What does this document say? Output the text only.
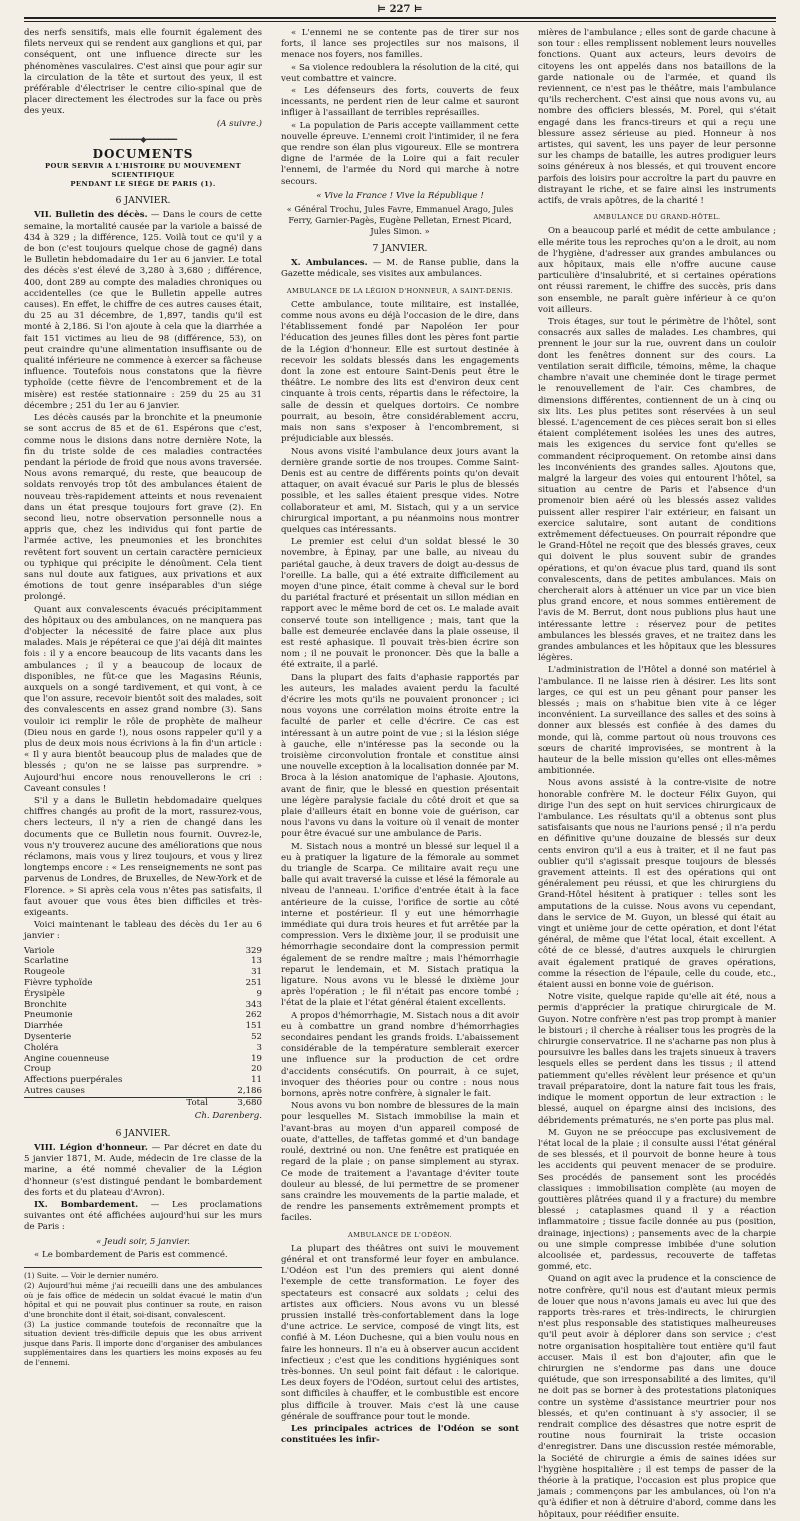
⊨ 227 ⊨

des nerfs sensitifs, mais elle fournit également des filets nerveux qui se rendent aux ganglions et qui, par conséquent, ont une influence directe sur les phénomènes vasculaires. C'est ainsi que pour agir sur la circulation de la tête et surtout des yeux, il est préférable d'électriser le centre cilio-spinal que de placer directement les électrodes sur la face ou près des yeux.

(A suivre.)
━━━━━━━━◆━━━━━━━━
DOCUMENTS
POUR SERVIR A L'HISTOIRE DU MOUVEMENT SCIENTIFIQUE
PENDANT LE SIÉGE DE PARIS (1).
6 JANVIER.

VII. Bulletin des décès. — Dans le cours de cette semaine, la mortalité causée par la variole a baissé de 434 à 329 ; la différence, 125. Voilà tout ce qu'il y a de bon (c'est toujours quelque chose de gagné) dans le Bulletin hebdomadaire du 1er au 6 janvier. Le total des décès s'est élevé de 3,280 à 3,680 ; différence, 400, dont 289 au compte des maladies chroniques ou accidentelles (ce que le Bulletin appelle autres causes). En effet, le chiffre de ces autres causes était, du 25 au 31 décembre, de 1,897, tandis qu'il est monté à 2,186. Si l'on ajoute à cela que la diarrhée a fait 151 victimes au lieu de 98 (différence, 53), on peut craindre qu'une alimentation insuffisante ou de qualité inférieure ne commence à exercer sa fâcheuse influence. Toutefois nous constatons que la fièvre typhoïde (cette fièvre de l'encombrement et de la misère) est restée stationnaire : 259 du 25 au 31 décembre ; 251 du 1er au 6 janvier.

Les décès causés par la bronchite et la pneumonie se sont accrus de 85 et de 61. Espérons que c'est, comme nous le disions dans notre dernière Note, la fin du triste solde de ces maladies contractées pendant la période de froid que nous avons traversée. Nous avons remarqué, du reste, que beaucoup de soldats renvoyés trop tôt des ambulances étaient de nouveau très-rapidement atteints et nous revenaient dans un état presque toujours fort grave (2). En second lieu, notre observation personnelle nous a appris que, chez les individus qui font partie de l'armée active, les pneumonies et les bronchites revêtent fort souvent un certain caractère pernicieux ou typhique qui précipite le dénoûment. Cela tient sans nul doute aux fatigues, aux privations et aux émotions de tout genre inséparables d'un siége prolongé.

Quant aux convalescents évacués précipitamment des hôpitaux ou des ambulances, on ne manquera pas d'objecter la nécessité de faire place aux plus malades. Mais je répéterai ce que j'ai déjà dit maintes fois : il y a encore beaucoup de lits vacants dans les ambulances ; il y a beaucoup de locaux de disponibles, ne fût-ce que les Magasins Réunis, auxquels on a songé tardivement, et qui vont, à ce que l'on assure, recevoir bientôt soit des malades, soit des convalescents en assez grand nombre (3). Sans vouloir ici remplir le rôle de prophète de malheur (Dieu nous en garde !), nous osons rappeler qu'il y a plus de deux mois nous écrivions à la fin d'un article : « Il y aura bientôt beaucoup plus de malades que de blessés ; qu'on ne se laisse pas surprendre. » Aujourd'hui encore nous renouvellerons le cri : Caveant consules !

S'il y a dans le Bulletin hebdomadaire quelques chiffres changés au profit de la mort, rassurez-vous, chers lecteurs, il n'y a rien de changé dans les documents que ce Bulletin nous fournit. Ouvrez-le, vous n'y trouverez aucune des améliorations que nous réclamons, mais vous y lirez toujours, et vous y lirez longtemps encore : « Les renseignements ne sont pas parvenus de Londres, de Bruxelles, de New-York et de Florence. » Si après cela vous n'êtes pas satisfaits, il faut avouer que vous êtes bien difficiles et très-exigeants.

Voici maintenant le tableau des décès du 1er au 6 janvier :

Variole	329
Scarlatine	13
Rougeole	31
Fièvre typhoïde	251
Érysipèle	9
Bronchite	343
Pneumonie	262
Diarrhée	151
Dysenterie	52
Choléra	3
Angine couenneuse	19
Croup	20
Affections puerpérales	11
Autres causes	2,186
Total	3,680
Ch. Darenberg.
6 JANVIER.

VIII. Légion d'honneur. — Par décret en date du 5 janvier 1871, M. Aude, médecin de 1re classe de la marine, a été nommé chevalier de la Légion d'honneur (s'est distingué pendant le bombardement des forts et du plateau d'Avron).

IX. Bombardement. — Les proclamations suivantes ont été affichées aujourd'hui sur les murs de Paris :

« Jeudi soir, 5 janvier.

« Le bombardement de Paris est commencé.

(1) Suite. — Voir le dernier numéro.

(2) Aujourd'hui même j'ai recueilli dans une des ambulances où je fais office de médecin un soldat évacué le matin d'un hôpital et qui ne pouvait plus continuer sa route, en raison d'une bronchite dont il était, soi-disant, convalescent.

(3) La justice commande toutefois de reconnaître que la situation devient très-difficile depuis que les obus arrivent jusque dans Paris. Il importe donc d'organiser des ambulances supplémentaires dans les quartiers les moins exposés au feu de l'ennemi.

« L'ennemi ne se contente pas de tirer sur nos forts, il lance ses projectiles sur nos maisons, il menace nos foyers, nos familles.

« Sa violence redoublera la résolution de la cité, qui veut combattre et vaincre.

« Les défenseurs des forts, couverts de feux incessants, ne perdent rien de leur calme et sauront infliger à l'assaillant de terribles représailles.

« La population de Paris accepte vaillamment cette nouvelle épreuve. L'ennemi croit l'intimider, il ne fera que rendre son élan plus vigoureux. Elle se montrera digne de l'armée de la Loire qui a fait reculer l'ennemi, de l'armée du Nord qui marche à notre secours.

« Vive la France ! Vive la République !
« Général Trochu, Jules Favre, Emmanuel Arago, Jules Ferry, Garnier-Pagès, Eugène Pelletan, Ernest Picard, Jules Simon. »
7 JANVIER.

X. Ambulances. — M. de Ranse publie, dans la Gazette médicale, ses visites aux ambulances.

AMBULANCE DE LA LÉGION D'HONNEUR, A SAINT-DENIS.

Cette ambulance, toute militaire, est installée, comme nous avons eu déjà l'occasion de le dire, dans l'établissement fondé par Napoléon Ier pour l'éducation des jeunes filles dont les pères font partie de la Légion d'honneur. Elle est surtout destinée à recevoir les soldats blessés dans les engagements dont la zone est entoure Saint-Denis peut être le théâtre. Le nombre des lits est d'environ deux cent cinquante à trois cents, répartis dans le réfectoire, la salle de dessin et quelques dortoirs. Ce nombre pourrait, au besoin, être considérablement accru, mais non sans s'exposer à l'encombrement, si préjudiciable aux blessés.

Nous avons visité l'ambulance deux jours avant la dernière grande sortie de nos troupes. Comme Saint-Denis est au centre de différents points qu'on devait attaquer, on avait évacué sur Paris le plus de blessés possible, et les salles étaient presque vides. Notre collaborateur et ami, M. Sistach, qui y a un service chirurgical important, a pu néanmoins nous montrer quelques cas intéressants.

Le premier est celui d'un soldat blessé le 30 novembre, à Épinay, par une balle, au niveau du pariétal gauche, à deux travers de doigt au-dessus de l'oreille. La balle, qui a été extraite difficilement au moyen d'une pince, était comme à cheval sur le bord du pariétal fracturé et présentait un sillon médian en rapport avec le même bord de cet os. Le malade avait conservé toute son intelligence ; mais, tant que la balle est demeurée enclavée dans la plaie osseuse, il est resté aphasique. Il pouvait très-bien écrire son nom ; il ne pouvait le prononcer. Dès que la balle a été extraite, il a parlé.

Dans la plupart des faits d'aphasie rapportés par les auteurs, les malades avaient perdu la faculté d'écrire les mots qu'ils ne pouvaient prononcer ; ici nous voyons une corrélation moins étroite entre la faculté de parler et celle d'écrire. Ce cas est intéressant à un autre point de vue ; si la lésion siége à gauche, elle n'intéresse pas la seconde ou la troisième circonvolution frontale et constitue ainsi une nouvelle exception à la localisation donnée par M. Broca à la lésion anatomique de l'aphasie. Ajoutons, avant de finir, que le blessé en question présentait une légère paralysie faciale du côté droit et que sa plaie d'ailleurs était en bonne voie de guérison, car nous l'avons vu dans la voiture où il venait de monter pour être évacué sur une ambulance de Paris.

M. Sistach nous a montré un blessé sur lequel il a eu à pratiquer la ligature de la fémorale au sommet du triangle de Scarpa. Ce militaire avait reçu une balle qui avait traversé la cuisse et lésé la fémorale au niveau de l'anneau. L'orifice d'entrée était à la face antérieure de la cuisse, l'orifice de sortie au côté interne et postérieur. Il y eut une hémorrhagie immédiate qui dura trois heures et fut arrêtée par la compression. Vers le dixième jour, il se produisit une hémorrhagie secondaire dont la compression permit également de se rendre maître ; mais l'hémorrhagie reparut le lendemain, et M. Sistach pratiqua la ligature. Nous avons vu le blessé le dixième jour après l'opération ; le fil n'était pas encore tombé ; l'état de la plaie et l'état général étaient excellents.

A propos d'hémorrhagie, M. Sistach nous a dit avoir eu à combattre un grand nombre d'hémorrhagies secondaires pendant les grands froids. L'abaissement considérable de la température semblerait exercer une influence sur la production de cet ordre d'accidents consécutifs. On pourrait, à ce sujet, invoquer des théories pour ou contre : nous nous bornons, après notre confrère, à signaler le fait.

Nous avons vu bon nombre de blessures de la main pour lesquelles M. Sistach immobilise la main et l'avant-bras au moyen d'un appareil composé de ouate, d'attelles, de taffetas gommé et d'un bandage roulé, dextriné ou non. Une fenêtre est pratiquée en regard de la plaie ; on panse simplement au styrax. Ce mode de traitement a l'avantage d'éviter toute douleur au blessé, de lui permettre de se promener sans craindre les mouvements de la partie malade, et de rendre les pansements extrêmement prompts et faciles.

AMBULANCE DE L'ODÉON.

La plupart des théâtres ont suivi le mouvement général et ont transformé leur foyer en ambulance. L'Odéon est l'un des premiers qui aient donné l'exemple de cette transformation. Le foyer des spectateurs est consacré aux soldats ; celui des artistes aux officiers. Nous avons vu un blessé prussien installé très-confortablement dans la loge d'une actrice. Le service, composé de vingt lits, est confié à M. Léon Duchesne, qui a bien voulu nous en faire les honneurs. Il n'a eu à observer aucun accident infectieux ; c'est que les conditions hygiéniques sont très-bonnes. Un seul point fait défaut : le calorique. Les deux foyers de l'Odéon, surtout celui des artistes, sont difficiles à chauffer, et le combustible est encore plus difficile à trouver. Mais c'est là une cause générale de souffrance pour tout le monde.

Les principales actrices de l'Odéon se sont constituées les infir-

mières de l'ambulance ; elles sont de garde chacune à son tour : elles remplissent noblement leurs nouvelles fonctions. Quant aux acteurs, leurs devoirs de citoyens les ont appelés dans nos bataillons de la garde nationale ou de l'armée, et quand ils reviennent, ce n'est pas le théâtre, mais l'ambulance qu'ils recherchent. C'est ainsi que nous avons vu, au nombre des officiers blessés, M. Porel, qui s'était engagé dans les francs-tireurs et qui a reçu une blessure assez sérieuse au pied. Honneur à nos artistes, qui savent, les uns payer de leur personne sur les champs de bataille, les autres prodiguer leurs soins généreux à nos blessés, et qui trouvent encore parfois des loisirs pour accroître la part du pauvre en distrayant le riche, et se faire ainsi les instruments actifs, de vrais apôtres, de la charité !

AMBULANCE DU GRAND-HÔTEL.

On a beaucoup parlé et médit de cette ambulance ; elle mérite tous les reproches qu'on a le droit, au nom de l'hygiène, d'adresser aux grandes ambulances ou aux hôpitaux, mais elle n'offre aucune cause particulière d'insalubrité, et si certaines opérations ont réussi rarement, le chiffre des succès, pris dans son ensemble, ne paraît guère inférieur à ce qu'on voit ailleurs.

Trois étages, sur tout le périmètre de l'hôtel, sont consacrés aux salles de malades. Les chambres, qui prennent le jour sur la rue, ouvrent dans un couloir dont les fenêtres donnent sur des cours. La ventilation serait difficile, témoins, même, la chaque chambre n'avait une cheminée dont le tirage permet le renouvellement de l'air. Ces chambres, de dimensions différentes, contiennent de un à cinq ou six lits. Les plus petites sont réservées à un seul blessé. L'agencement de ces pièces serait bon si elles étaient complétement isolées les unes des autres, mais les exigences du service font qu'elles se commandent réciproquement. On retombe ainsi dans les inconvénients des grandes salles. Ajoutons que, malgré la largeur des voies qui entourent l'hôtel, sa situation au centre de Paris et l'absence d'un promenoir bien aéré où les blessés assez valides puissent aller respirer l'air extérieur, en faisant un exercice salutaire, sont autant de conditions extrêmement défectueuses. On pourrait répondre que le Grand-Hôtel ne reçoit que des blessés graves, ceux qui doivent le plus souvent subir de grandes opérations, et qu'on évacue plus tard, quand ils sont convalescents, dans de petites ambulances. Mais on chercherait alors à atténuer un vice par un vice bien plus grand encore, et nous sommes entièrement de l'avis de M. Berrut, dont nous publions plus haut une intéressante lettre : réservez pour de petites ambulances les blessés graves, et ne traitez dans les grandes ambulances et les hôpitaux que les blessures légères.

L'administration de l'Hôtel a donné son matériel à l'ambulance. Il ne laisse rien à désirer. Les lits sont larges, ce qui est un peu gênant pour panser les blessés ; mais on s'habitue bien vite à ce léger inconvénient. La surveillance des salles et des soins à donner aux blessés est confiée à des dames du monde, qui là, comme partout où nous trouvons ces sœurs de charité improvisées, se montrent à la hauteur de la belle mission qu'elles ont elles-mêmes ambitionnée.

Nous avons assisté à la contre-visite de notre honorable confrère M. le docteur Félix Guyon, qui dirige l'un des sept on huit services chirurgicaux de l'ambulance. Les résultats qu'il a obtenus sont plus satisfaisants que nous ne l'aurions pensé ; il n'a perdu en définitive qu'une douzaine de blessés sur deux cents environ qu'il a eus à traiter, et il ne faut pas oublier qu'il s'agissait presque toujours de blessés gravement atteints. Il est des opérations qui ont généralement peu réussi, et que les chirurgiens du Grand-Hôtel hésitent à pratiquer : telles sont les amputations de la cuisse. Nous avons vu cependant, dans le service de M. Guyon, un blessé qui était au vingt et unième jour de cette opération, et dont l'état général, de même que l'état local, était excellent. A côté de ce blessé, d'autres auxquels le chirurgien avait également pratiqué de graves opérations, comme la résection de l'épaule, celle du coude, etc., étaient aussi en bonne voie de guérison.

Notre visite, quelque rapide qu'elle ait été, nous a permis d'apprécier la pratique chirurgicale de M. Guyon. Notre confrère n'est pas trop prompt à manier le bistouri ; il cherche à réaliser tous les progrès de la chirurgie conservatrice. Il ne s'acharne pas non plus à poursuivre les balles dans les trajets sinueux à travers lesquels elles se perdent dans les tissus ; il attend patiemment qu'elles révèlent leur présence et qu'un travail préparatoire, dont la nature fait tous les frais, indique le moment opportun de leur extraction : le blessé, auquel on épargne ainsi des incisions, des débridements prématurés, ne s'en porte pas plus mal.

M. Guyon ne se préoccupe pas exclusivement de l'état local de la plaie ; il consulte aussi l'état général de ses blessés, et il pourvoit de bonne heure à tous les accidents qui peuvent menacer de se produire. Ses procédés de pansement sont les procédés classiques : immobilisation complète (au moyen de gouttières plâtrées quand il y a fracture) du membre blessé ; cataplasmes quand il y a réaction inflammatoire ; tissue facile donnée au pus (position, drainage, injections) ; pansements avec de la charpie ou une simple compresse imbibée d'une solution alcoolisée et, pardessus, recouverte de taffetas gommé, etc.

Quand on agit avec la prudence et la conscience de notre confrère, qu'il nous est d'autant mieux permis de louer que nous n'avons jamais eu avec lui que des rapports très-rares et très-indirects, le chirurgien n'est plus responsable des statistiques malheureuses qu'il peut avoir à déplorer dans son service ; c'est notre organisation hospitalière tout entière qu'il faut accuser. Mais il est bon d'ajouter, afin que le chirurgien ne s'endorme pas dans une douce quiétude, que son irresponsabilité a des limites, qu'il ne doit pas se borner à des protestations platoniques contre un système d'assistance meurtrier pour nos blessés, et qu'en continuant à s'y associer, il se rendrait complice des désastres que notre esprit de routine nous fournirait la triste occasion d'enregistrer. Dans une discussion restée mémorable, la Société de chirurgie a émis de saines idées sur l'hygiène hospitalière ; il est temps de passer de la théorie à la pratique, l'occasion est plus propice que jamais ; commençons par les ambulances, où l'on n'a qu'à édifier et non à détruire d'abord, comme dans les hôpitaux, pour réédifier ensuite.
